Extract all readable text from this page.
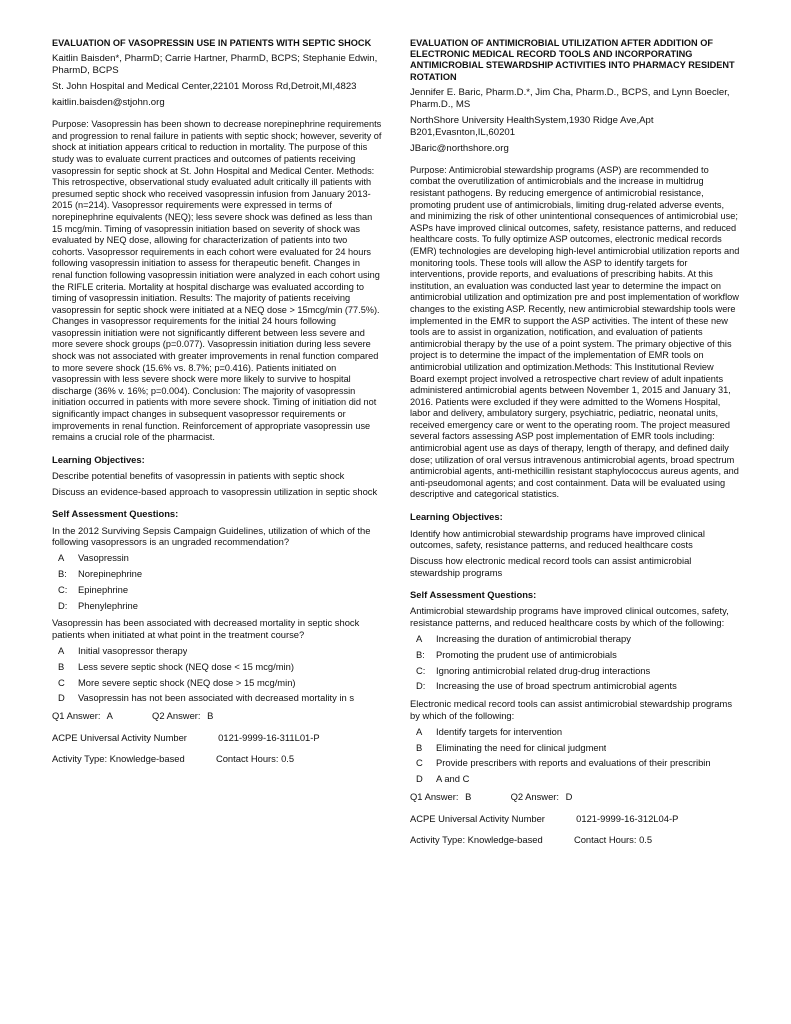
EVALUATION OF VASOPRESSIN USE IN PATIENTS WITH SEPTIC SHOCK
Kaitlin Baisden*, PharmD; Carrie Hartner, PharmD, BCPS; Stephanie Edwin, PharmD, BCPS
St. John Hospital and Medical Center,22101 Moross Rd,Detroit,MI,4823
kaitlin.baisden@stjohn.org
Purpose: Vasopressin has been shown to decrease norepinephrine requirements and progression to renal failure in patients with septic shock; however, severity of shock at initiation appears critical to reduction in mortality. The purpose of this study was to evaluate current practices and outcomes of patients receiving vasopressin for septic shock at St. John Hospital and Medical Center. Methods: This retrospective, observational study evaluated adult critically ill patients with presumed septic shock who received vasopressin infusion from January 2013-2015 (n=214). Vasopressor requirements were expressed in terms of norepinephrine equivalents (NEQ); less severe shock was defined as less than 15 mcg/min. Timing of vasopressin initiation based on severity of shock was evaluated by NEQ dose, allowing for characterization of patients into two cohorts. Vasopressor requirements in each cohort were evaluated for 24 hours following vasopressin initiation to assess for therapeutic benefit. Changes in renal function following vasopressin initiation were analyzed in each cohort using the RIFLE criteria. Mortality at hospital discharge was evaluated according to timing of vasopressin initiation. Results: The majority of patients receiving vasopressin for septic shock were initiated at a NEQ dose > 15mcg/min (77.5%). Changes in vasopressor requirements for the initial 24 hours following vasopressin initiation were not significantly different between less severe and more severe shock groups (p=0.077). Vasopressin initiation during less severe shock was not associated with greater improvements in renal function compared to more severe shock (15.6% vs. 8.7%; p=0.416). Patients initiated on vasopressin with less severe shock were more likely to survive to hospital discharge (36% v. 16%; p=0.004). Conclusion: The majority of vasopressin initiation occurred in patients with more severe shock. Timing of initiation did not significantly impact changes in subsequent vasopressor requirements or improvements in renal function. Reinforcement of appropriate vasopressin use remains a crucial role of the pharmacist.
Learning Objectives:
Describe potential benefits of vasopressin in patients with septic shock
Discuss an evidence-based approach to vasopressin utilization in septic shock
Self Assessment Questions:
In the 2012 Surviving Sepsis Campaign Guidelines, utilization of which of the following vasopressors is an ungraded recommendation?
A	Vasopressin
B:	Norepinephrine
C:	Epinephrine
D:	Phenylephrine
Vasopressin has been associated with decreased mortality in septic shock patients when initiated at what point in the treatment course?
A	Initial vasopressor therapy
B	Less severe septic shock (NEQ dose < 15 mcg/min)
C	More severe septic shock (NEQ dose > 15 mcg/min)
D	Vasopressin has not been associated with decreased mortality in s
Q1 Answer: A	Q2 Answer: B
ACPE Universal Activity Number	0121-9999-16-311L01-P
Activity Type: Knowledge-based	Contact Hours: 0.5
EVALUATION OF ANTIMICROBIAL UTILIZATION AFTER ADDITION OF ELECTRONIC MEDICAL RECORD TOOLS AND INCORPORATING ANTIMICROBIAL STEWARDSHIP ACTIVITIES INTO PHARMACY RESIDENT ROTATION
Jennifer E. Baric, Pharm.D.*, Jim Cha, Pharm.D., BCPS, and Lynn Boecler, Pharm.D., MS
NorthShore University HealthSystem,1930 Ridge Ave,Apt B201,Evasnton,IL,60201
JBaric@northshore.org
Purpose: Antimicrobial stewardship programs (ASP) are recommended to combat the overutilization of antimicrobials and the increase in multidrug resistant pathogens. By reducing emergence of antimicrobial resistance, promoting prudent use of antimicrobials, limiting drug-related adverse events, and minimizing the risk of other unintentional consequences of antimicrobial use; ASPs have improved clinical outcomes, safety, resistance patterns, and reduced healthcare costs. To fully optimize ASP outcomes, electronic medical records (EMR) technologies are developing high-level antimicrobial utilization reports and monitoring tools. These tools will allow the ASP to identify targets for interventions, provide reports, and evaluations of prescribing habits. At this institution, an evaluation was conducted last year to determine the impact on antimicrobial utilization and optimization pre and post implementation of workflow changes to the existing ASP. Recently, new antimicrobial stewardship tools were implemented in the EMR to support the ASP activities. The intent of these new tools are to assist in organization, notification, and evaluation of patients antimicrobial therapy by the use of a point system. The primary objective of this project is to determine the impact of the implementation of EMR tools on antimicrobial utilization and optimization.Methods: This Institutional Review Board exempt project involved a retrospective chart review of adult inpatients administered antimicrobial agents between November 1, 2015 and January 31, 2016. Patients were excluded if they were admitted to the Womens Hospital, labor and delivery, ambulatory surgery, psychiatric, pediatric, neonatal units, received emergency care or went to the operating room. The project measured several factors assessing ASP post implementation of EMR tools including: antimicrobial agent use as days of therapy, length of therapy, and defined daily dose; utilization of oral versus intravenous antimicrobial agents, broad spectrum antimicrobial agents, anti-methicillin resistant staphylococcus aureus agents, and anti-pseudomonal agents; and cost containment. Data will be evaluated using descriptive and categorical statistics.
Learning Objectives:
Identify how antimicrobial stewardship programs have improved clinical outcomes, safety, resistance patterns, and reduced healthcare costs
Discuss how electronic medical record tools can assist antimicrobial stewardship programs
Self Assessment Questions:
Antimicrobial stewardship programs have improved clinical outcomes, safety, resistance patterns, and reduced healthcare costs by which of the following:
A	Increasing the duration of antimicrobial therapy
B:	Promoting the prudent use of antimicrobials
C:	Ignoring antimicrobial related drug-drug interactions
D:	Increasing the use of broad spectrum antimicrobial agents
Electronic medical record tools can assist antimicrobial stewardship programs by which of the following:
A	Identify targets for intervention
B	Eliminating the need for clinical judgment
C	Provide prescribers with reports and evaluations of their prescribin
D	A and C
Q1 Answer: B	Q2 Answer: D
ACPE Universal Activity Number	0121-9999-16-312L04-P
Activity Type: Knowledge-based	Contact Hours: 0.5
